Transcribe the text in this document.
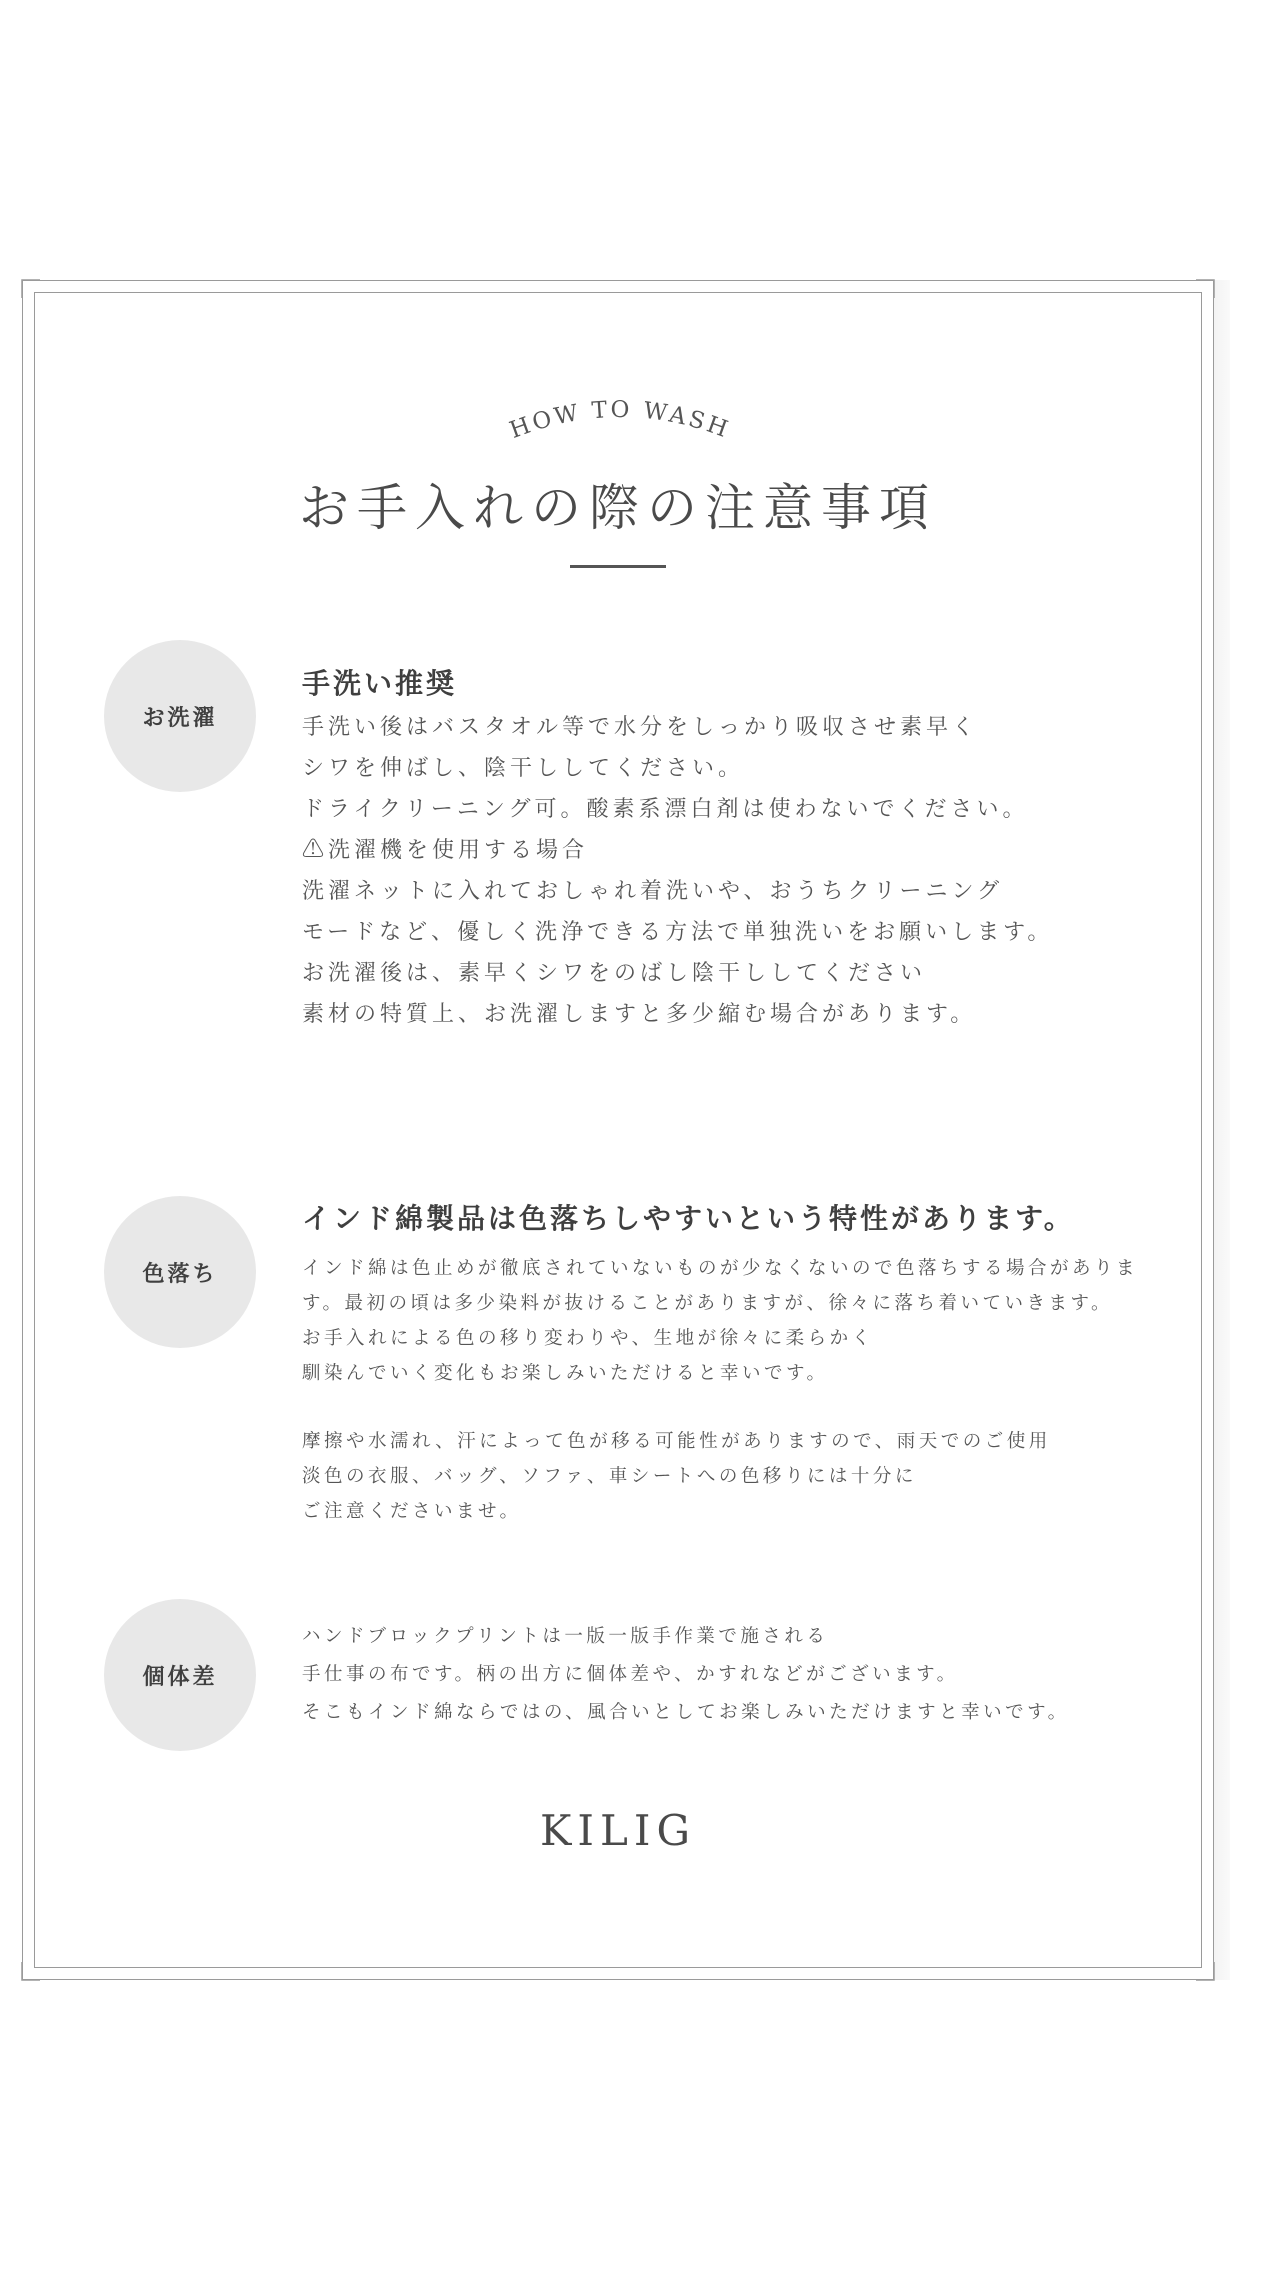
HOW TO WASH
お手入れの際の注意事項
お洗濯
手洗い推奨
手洗い後はバスタオル等で水分をしっかり吸収させ素早く
シワを伸ばし、陰干ししてください。
ドライクリーニング可。酸素系漂白剤は使わないでください。
⚠洗濯機を使用する場合
洗濯ネットに入れておしゃれ着洗いや、おうちクリーニング
モードなど、優しく洗浄できる方法で単独洗いをお願いします。
お洗濯後は、素早くシワをのばし陰干ししてください
素材の特質上、お洗濯しますと多少縮む場合があります。
色落ち
インド綿製品は色落ちしやすいという特性があります。
インド綿は色止めが徹底されていないものが少なくないので色落ちする場合がありま
す。最初の頃は多少染料が抜けることがありますが、徐々に落ち着いていきます。
お手入れによる色の移り変わりや、生地が徐々に柔らかく
馴染んでいく変化もお楽しみいただけると幸いです。
摩擦や水濡れ、汗によって色が移る可能性がありますので、雨天でのご使用
淡色の衣服、バッグ、ソファ、車シートへの色移りには十分に
ご注意くださいませ。
個体差
ハンドブロックプリントは一版一版手作業で施される
手仕事の布です。柄の出方に個体差や、かすれなどがございます。
そこもインド綿ならではの、風合いとしてお楽しみいただけますと幸いです。

KILIG
